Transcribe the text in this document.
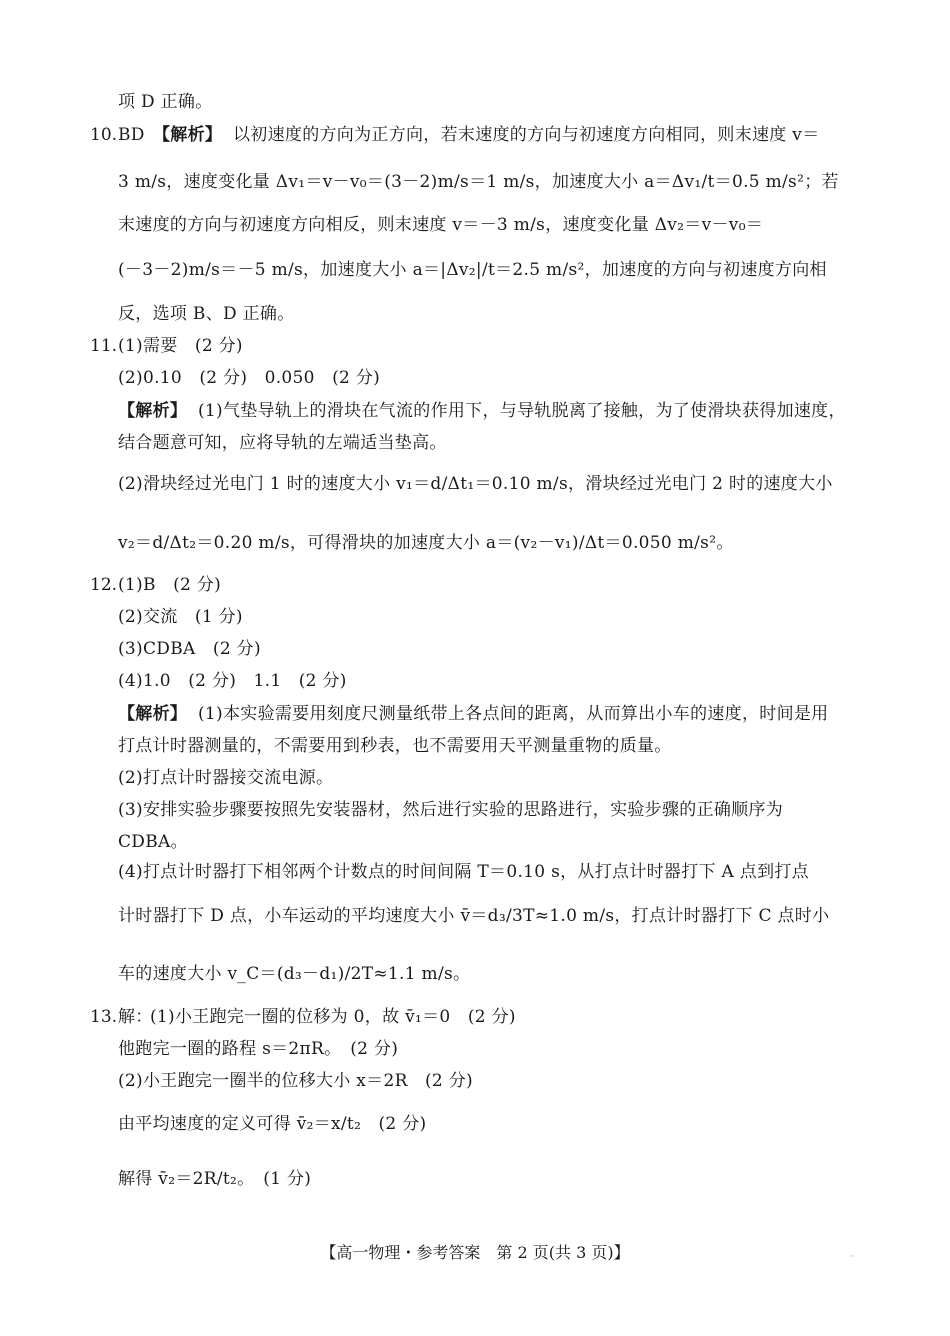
项 D 正确。
10. BD 【解析】 以初速度的方向为正方向，若末速度的方向与初速度方向相同，则末速度 v＝
3 m/s，速度变化量 Δv₁＝v－v₀＝(3－2)m/s＝1 m/s，加速度大小 a＝Δv₁/t＝0.5 m/s²；若
末速度的方向与初速度方向相反，则末速度 v＝－3 m/s，速度变化量 Δv₂＝v－v₀＝
(－3－2)m/s＝－5 m/s，加速度大小 a＝|Δv₂|/t＝2.5 m/s²，加速度的方向与初速度方向相
反，选项 B、D 正确。
11. (1)需要　(2 分)
(2)0.10　(2 分)　0.050　(2 分)
【解析】 (1)气垫导轨上的滑块在气流的作用下，与导轨脱离了接触，为了使滑块获得加速度，
结合题意可知，应将导轨的左端适当垫高。
(2)滑块经过光电门 1 时的速度大小 v₁＝d/Δt₁＝0.10 m/s，滑块经过光电门 2 时的速度大小
v₂＝d/Δt₂＝0.20 m/s，可得滑块的加速度大小 a＝(v₂－v₁)/Δt＝0.050 m/s²。
12. (1)B　(2 分)
(2)交流　(1 分)
(3)CDBA　(2 分)
(4)1.0　(2 分)　1.1　(2 分)
【解析】 (1)本实验需要用刻度尺测量纸带上各点间的距离，从而算出小车的速度，时间是用
打点计时器测量的，不需要用到秒表，也不需要用天平测量重物的质量。
(2)打点计时器接交流电源。
(3)安排实验步骤要按照先安装器材，然后进行实验的思路进行，实验步骤的正确顺序为
CDBA。
(4)打点计时器打下相邻两个计数点的时间间隔 T＝0.10 s，从打点计时器打下 A 点到打点
计时器打下 D 点，小车运动的平均速度大小 v̄＝d₃/3T≈1.0 m/s，打点计时器打下 C 点时小
车的速度大小 v_C＝(d₃－d₁)/2T≈1.1 m/s。
13. 解：
(1)小王跑完一圈的位移为 0，故 v̄₁＝0　(2 分)
他跑完一圈的路程 s＝2πR。　(2 分)
(2)小王跑完一圈半的位移大小 x＝2R　(2 分)
由平均速度的定义可得 v̄₂＝x/t₂　(2 分)
解得 v̄₂＝2R/t₂。　(1 分)
【高一物理・参考答案　第 2 页(共 3 页)】	··
